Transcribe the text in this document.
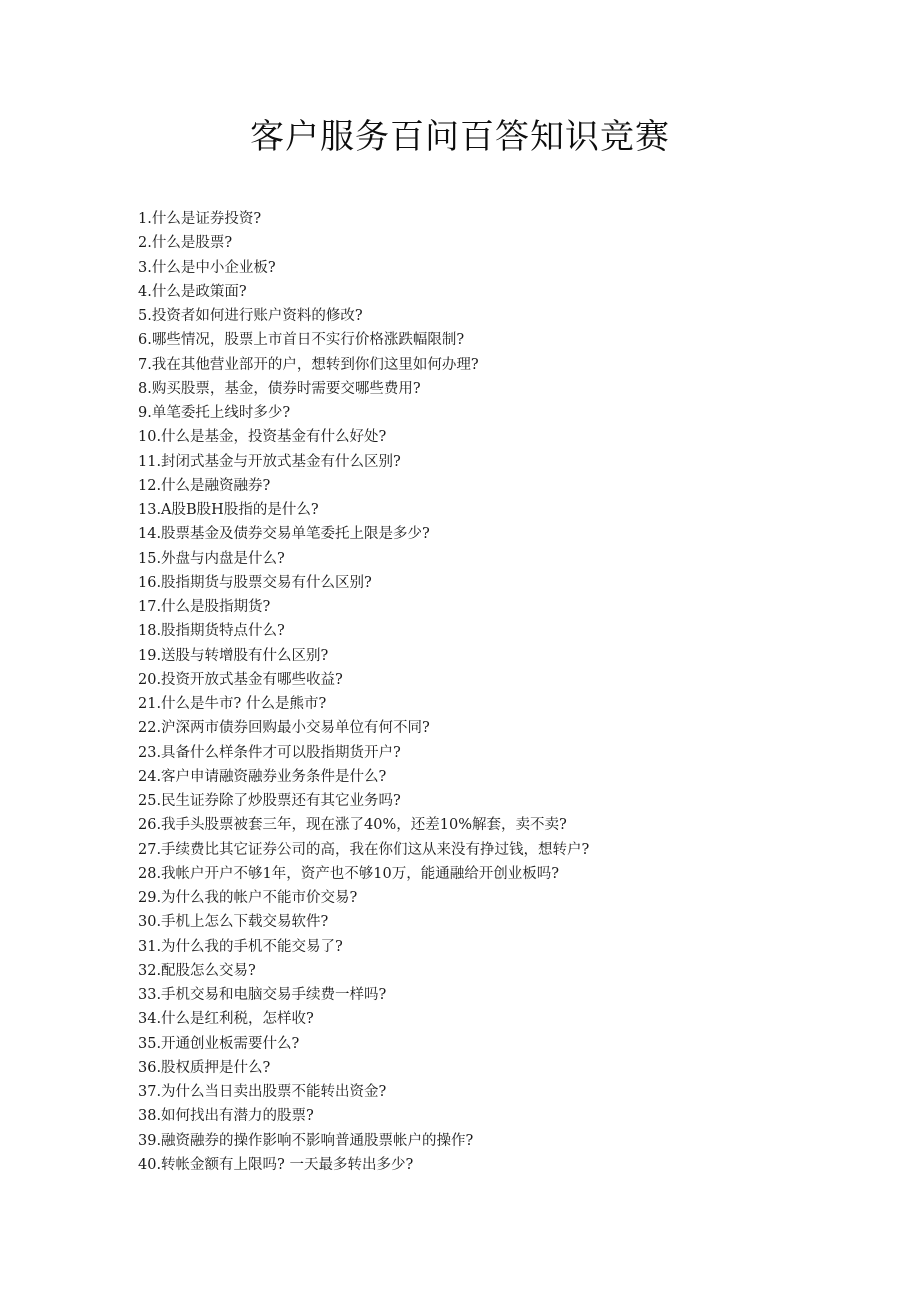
客户服务百问百答知识竞赛
1.什么是证券投资?
2.什么是股票?
3.什么是中小企业板?
4.什么是政策面?
5.投资者如何进行账户资料的修改?
6.哪些情况，股票上市首日不实行价格涨跌幅限制?
7.我在其他营业部开的户，想转到你们这里如何办理?
8.购买股票，基金，债券时需要交哪些费用?
9.单笔委托上线时多少?
10.什么是基金，投资基金有什么好处?
11.封闭式基金与开放式基金有什么区别?
12.什么是融资融券?
13.A股B股H股指的是什么?
14.股票基金及债券交易单笔委托上限是多少?
15.外盘与内盘是什么?
16.股指期货与股票交易有什么区别?
17.什么是股指期货?
18.股指期货特点什么?
19.送股与转增股有什么区别?
20.投资开放式基金有哪些收益?
21.什么是牛市? 什么是熊市?
22.沪深两市债券回购最小交易单位有何不同?
23.具备什么样条件才可以股指期货开户?
24.客户申请融资融券业务条件是什么?
25.民生证券除了炒股票还有其它业务吗?
26.我手头股票被套三年，现在涨了40%，还差10%解套，卖不卖?
27.手续费比其它证券公司的高，我在你们这从来没有挣过钱，想转户?
28.我帐户开户不够1年，资产也不够10万，能通融给开创业板吗?
29.为什么我的帐户不能市价交易?
30.手机上怎么下载交易软件?
31.为什么我的手机不能交易了?
32.配股怎么交易?
33.手机交易和电脑交易手续费一样吗?
34.什么是红利税，怎样收?
35.开通创业板需要什么?
36.股权质押是什么?
37.为什么当日卖出股票不能转出资金?
38.如何找出有潜力的股票?
39.融资融券的操作影响不影响普通股票帐户的操作?
40.转帐金额有上限吗? 一天最多转出多少?
